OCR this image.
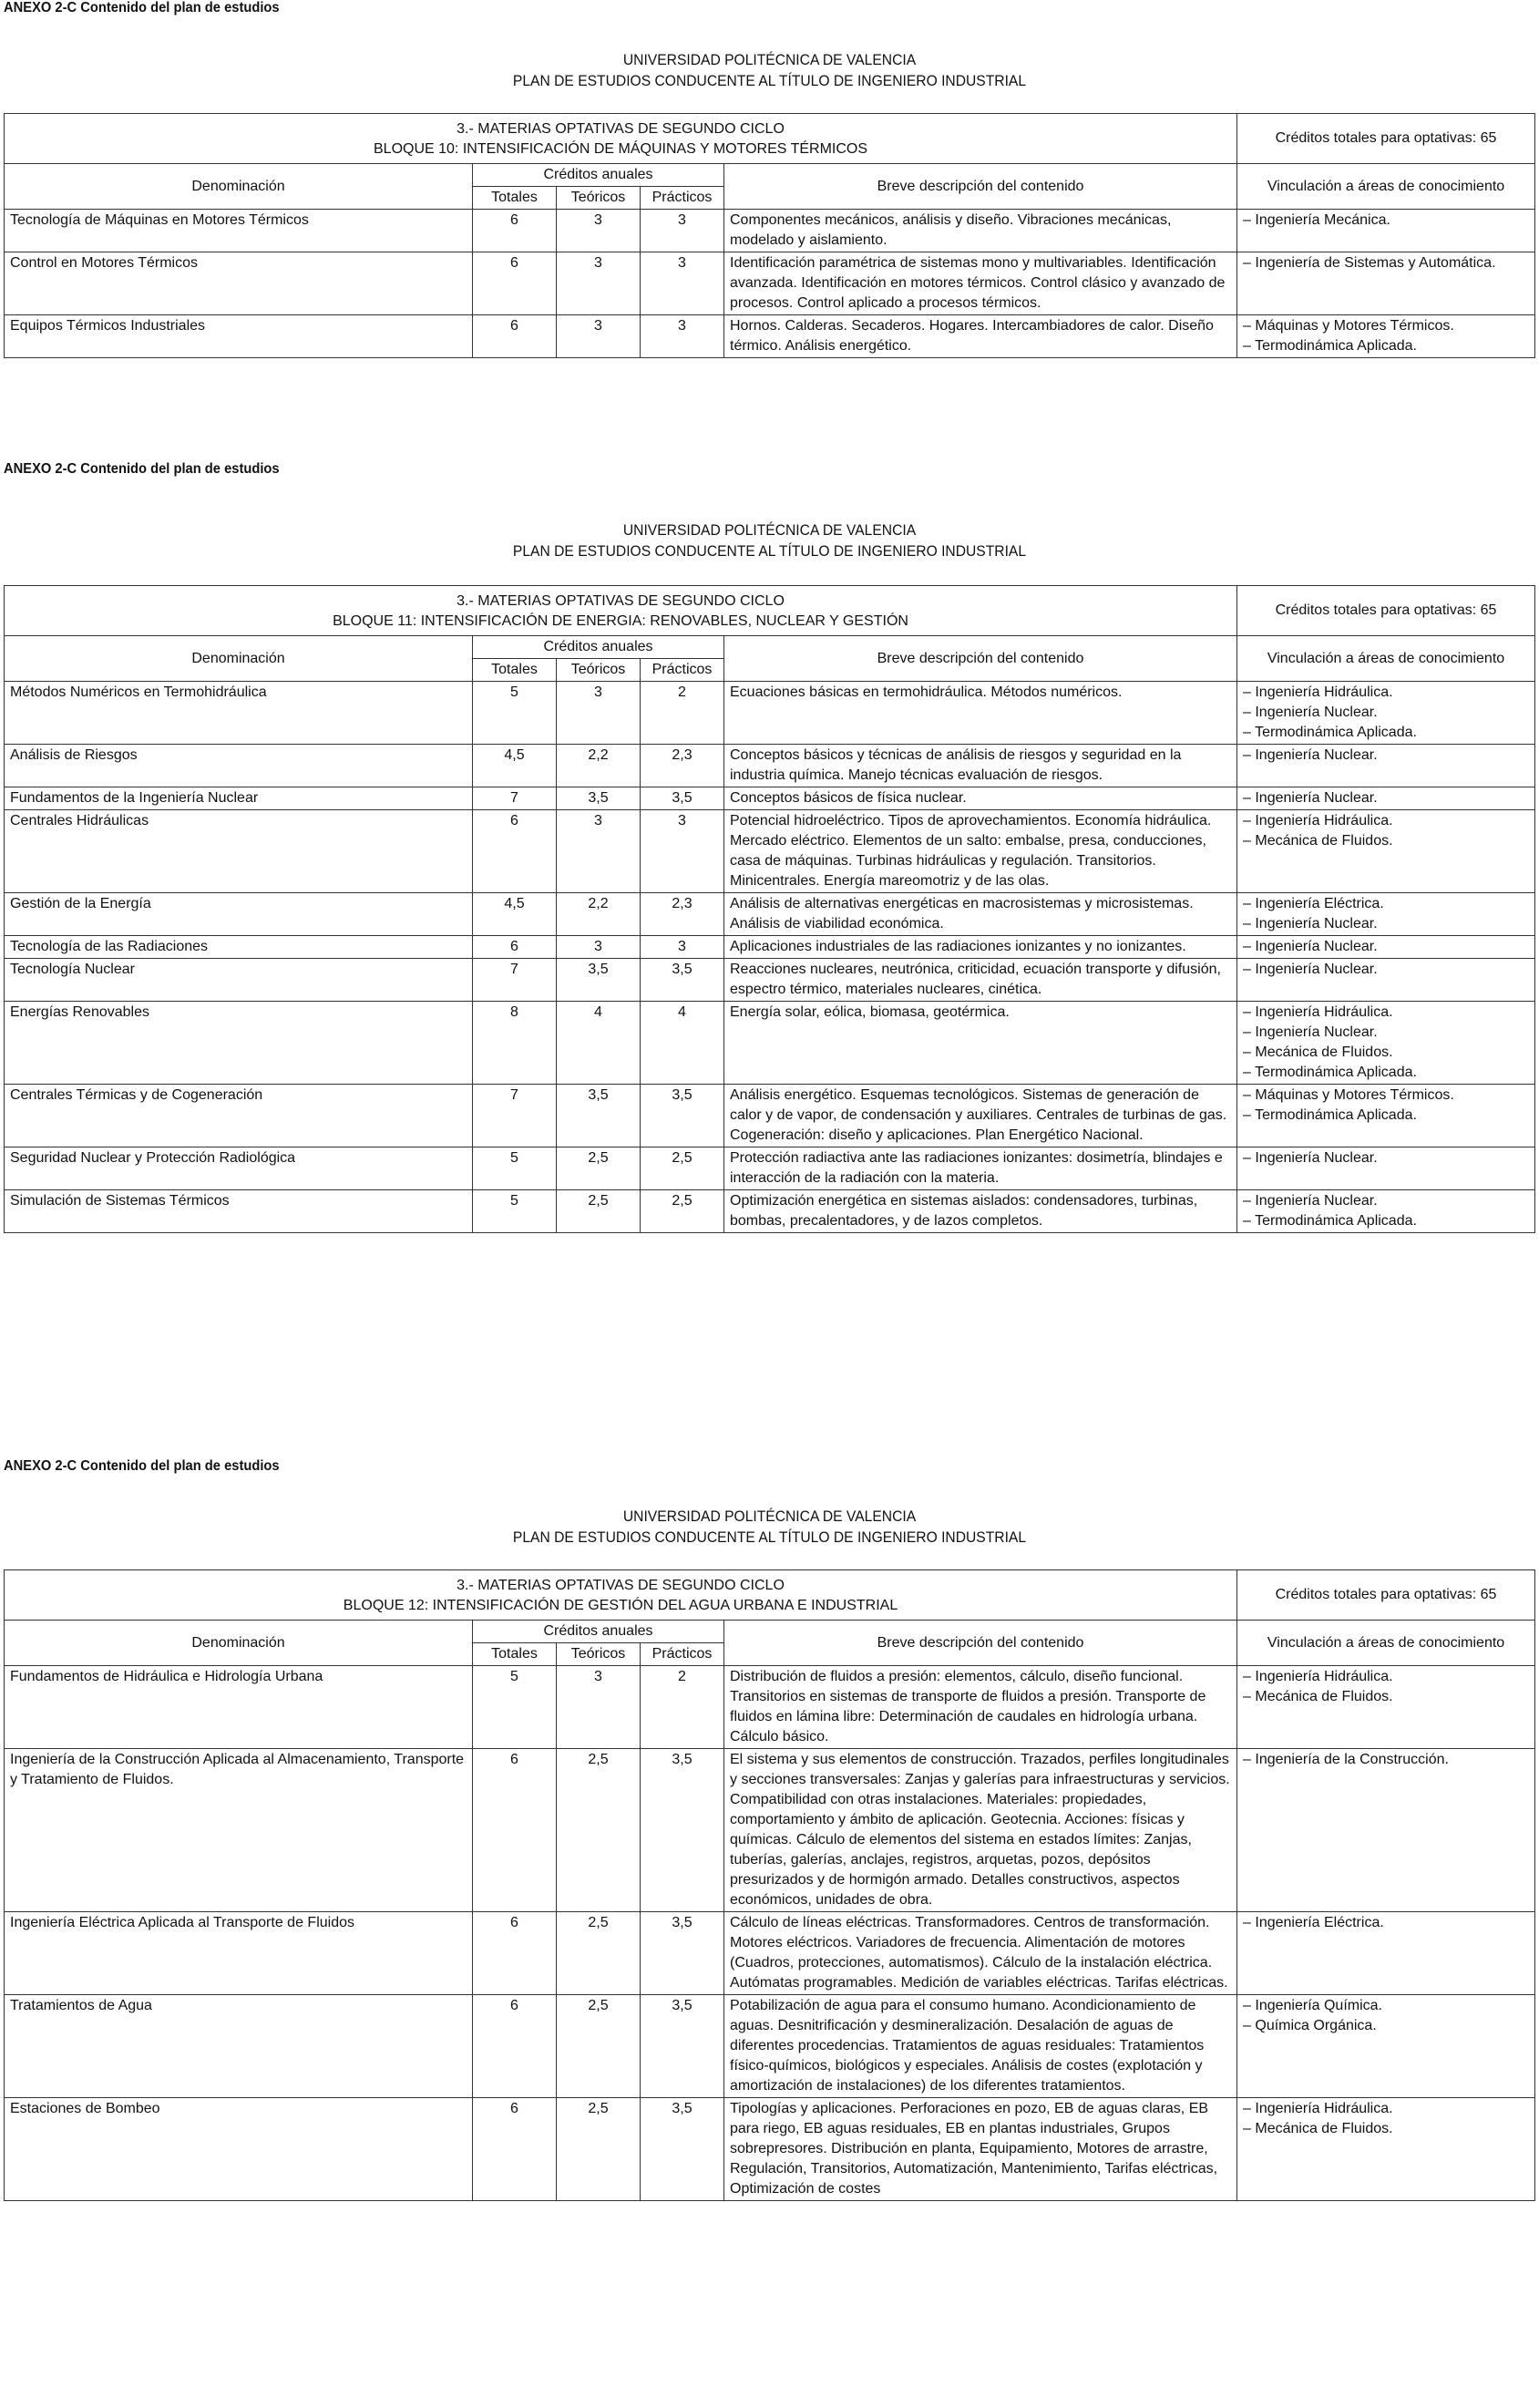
ANEXO 2-C Contenido del plan de estudios
UNIVERSIDAD POLITÉCNICA DE VALENCIA
PLAN DE ESTUDIOS CONDUCENTE AL TÍTULO DE INGENIERO INDUSTRIAL
3.- MATERIAS OPTATIVAS DE SEGUNDO CICLO
BLOQUE 10: INTENSIFICACIÓN DE MÁQUINAS Y MOTORES TÉRMICOS					Créditos totales para optativas: 65
Denominación	Créditos anuales			Breve descripción del contenido	Vinculación a áreas de conocimiento
	Totales	Teóricos	Prácticos		
Tecnología de Máquinas en Motores Térmicos	6	3	3	Componentes mecánicos, análisis y diseño. Vibraciones mecánicas, modelado y aislamiento.	– Ingeniería Mecánica.

Control en Motores Térmicos	6	3	3	Identificación paramétrica de sistemas mono y multivariables. Identificación avanzada. Identificación en motores térmicos. Control clásico y avanzado de procesos. Control aplicado a procesos térmicos.	– Ingeniería de Sistemas y Automática.

Equipos Térmicos Industriales	6	3	3	Hornos. Calderas. Secaderos. Hogares. Intercambiadores de calor. Diseño térmico. Análisis energético.	– Máquinas y Motores Térmicos.
– Termodinámica Aplicada.
ANEXO 2-C Contenido del plan de estudios
UNIVERSIDAD POLITÉCNICA DE VALENCIA
PLAN DE ESTUDIOS CONDUCENTE AL TÍTULO DE INGENIERO INDUSTRIAL
3.- MATERIAS OPTATIVAS DE SEGUNDO CICLO
BLOQUE 11: INTENSIFICACIÓN DE ENERGIA: RENOVABLES, NUCLEAR Y GESTIÓN					Créditos totales para optativas: 65
Denominación	Créditos anuales			Breve descripción del contenido	Vinculación a áreas de conocimiento
	Totales	Teóricos	Prácticos		
Métodos Numéricos en Termohidráulica	5	3	2	Ecuaciones básicas en termohidráulica. Métodos numéricos.	– Ingeniería Hidráulica.
– Ingeniería Nuclear.
– Termodinámica Aplicada.

Análisis de Riesgos	4,5	2,2	2,3	Conceptos básicos y técnicas de análisis de riesgos y seguridad en la industria química. Manejo técnicas evaluación de riesgos.	– Ingeniería Nuclear.

Fundamentos de la Ingeniería Nuclear	7	3,5	3,5	Conceptos básicos de física nuclear.	– Ingeniería Nuclear.

Centrales Hidráulicas	6	3	3	Potencial hidroeléctrico. Tipos de aprovechamientos. Economía hidráulica. Mercado eléctrico. Elementos de un salto: embalse, presa, conducciones, casa de máquinas. Turbinas hidráulicas y regulación. Transitorios. Minicentrales. Energía mareomotriz y de las olas.	– Ingeniería Hidráulica.
– Mecánica de Fluidos.

Gestión de la Energía	4,5	2,2	2,3	Análisis de alternativas energéticas en macrosistemas y microsistemas. Análisis de viabilidad económica.	– Ingeniería Eléctrica.
– Ingeniería Nuclear.

Tecnología de las Radiaciones	6	3	3	Aplicaciones industriales de las radiaciones ionizantes y no ionizantes.	– Ingeniería Nuclear.

Tecnología Nuclear	7	3,5	3,5	Reacciones nucleares, neutrónica, criticidad, ecuación transporte y difusión, espectro térmico, materiales nucleares, cinética.	– Ingeniería Nuclear.

Energías Renovables	8	4	4	Energía solar, eólica, biomasa, geotérmica.	– Ingeniería Hidráulica.
– Ingeniería Nuclear.
– Mecánica de Fluidos.
– Termodinámica Aplicada.

Centrales Térmicas y de Cogeneración	7	3,5	3,5	Análisis energético. Esquemas tecnológicos. Sistemas de generación de calor y de vapor, de condensación y auxiliares. Centrales de turbinas de gas. Cogeneración: diseño y aplicaciones. Plan Energético Nacional.	– Máquinas y Motores Térmicos.
– Termodinámica Aplicada.

Seguridad Nuclear y Protección Radiológica	5	2,5	2,5	Protección radiactiva ante las radiaciones ionizantes: dosimetría, blindajes e interacción de la radiación con la materia.	– Ingeniería Nuclear.

Simulación de Sistemas Térmicos	5	2,5	2,5	Optimización energética en sistemas aislados: condensadores, turbinas, bombas, precalentadores, y de lazos completos.	– Ingeniería Nuclear.
– Termodinámica Aplicada.
ANEXO 2-C Contenido del plan de estudios
UNIVERSIDAD POLITÉCNICA DE VALENCIA
PLAN DE ESTUDIOS CONDUCENTE AL TÍTULO DE INGENIERO INDUSTRIAL
3.- MATERIAS OPTATIVAS DE SEGUNDO CICLO
BLOQUE 12: INTENSIFICACIÓN DE GESTIÓN DEL AGUA URBANA E INDUSTRIAL					Créditos totales para optativas: 65
Denominación	Créditos anuales			Breve descripción del contenido	Vinculación a áreas de conocimiento
	Totales	Teóricos	Prácticos		
Fundamentos de Hidráulica e Hidrología Urbana	5	3	2	Distribución de fluidos a presión: elementos, cálculo, diseño funcional. Transitorios en sistemas de transporte de fluidos a presión. Transporte de fluidos en lámina libre: Determinación de caudales en hidrología urbana. Cálculo básico.	– Ingeniería Hidráulica.
– Mecánica de Fluidos.

Ingeniería de la Construcción Aplicada al Almacenamiento, Transporte y Tratamiento de Fluidos.	6	2,5	3,5	El sistema y sus elementos de construcción. Trazados, perfiles longitudinales y secciones transversales: Zanjas y galerías para infraestructuras y servicios. Compatibilidad con otras instalaciones. Materiales: propiedades, comportamiento y ámbito de aplicación. Geotecnia. Acciones: físicas y químicas. Cálculo de elementos del sistema en estados límites: Zanjas, tuberías, galerías, anclajes, registros, arquetas, pozos, depósitos presurizados y de hormigón armado. Detalles constructivos, aspectos económicos, unidades de obra.	– Ingeniería de la Construcción.

Ingeniería Eléctrica Aplicada al Transporte de Fluidos	6	2,5	3,5	Cálculo de líneas eléctricas. Transformadores. Centros de transformación. Motores eléctricos. Variadores de frecuencia. Alimentación de motores (Cuadros, protecciones, automatismos). Cálculo de la instalación eléctrica. Autómatas programables. Medición de variables eléctricas. Tarifas eléctricas.	– Ingeniería Eléctrica.

Tratamientos de Agua	6	2,5	3,5	Potabilización de agua para el consumo humano. Acondicionamiento de aguas. Desnitrificación y desmineralización. Desalación de aguas de diferentes procedencias. Tratamientos de aguas residuales: Tratamientos físico-químicos, biológicos y especiales. Análisis de costes (explotación y amortización de instalaciones) de los diferentes tratamientos.	– Ingeniería Química.
– Química Orgánica.

Estaciones de Bombeo	6	2,5	3,5	Tipologías y aplicaciones. Perforaciones en pozo, EB de aguas claras, EB para riego, EB aguas residuales, EB en plantas industriales, Grupos sobrepresores. Distribución en planta, Equipamiento, Motores de arrastre, Regulación, Transitorios, Automatización, Mantenimiento, Tarifas eléctricas, Optimización de costes	– Ingeniería Hidráulica.
– Mecánica de Fluidos.
